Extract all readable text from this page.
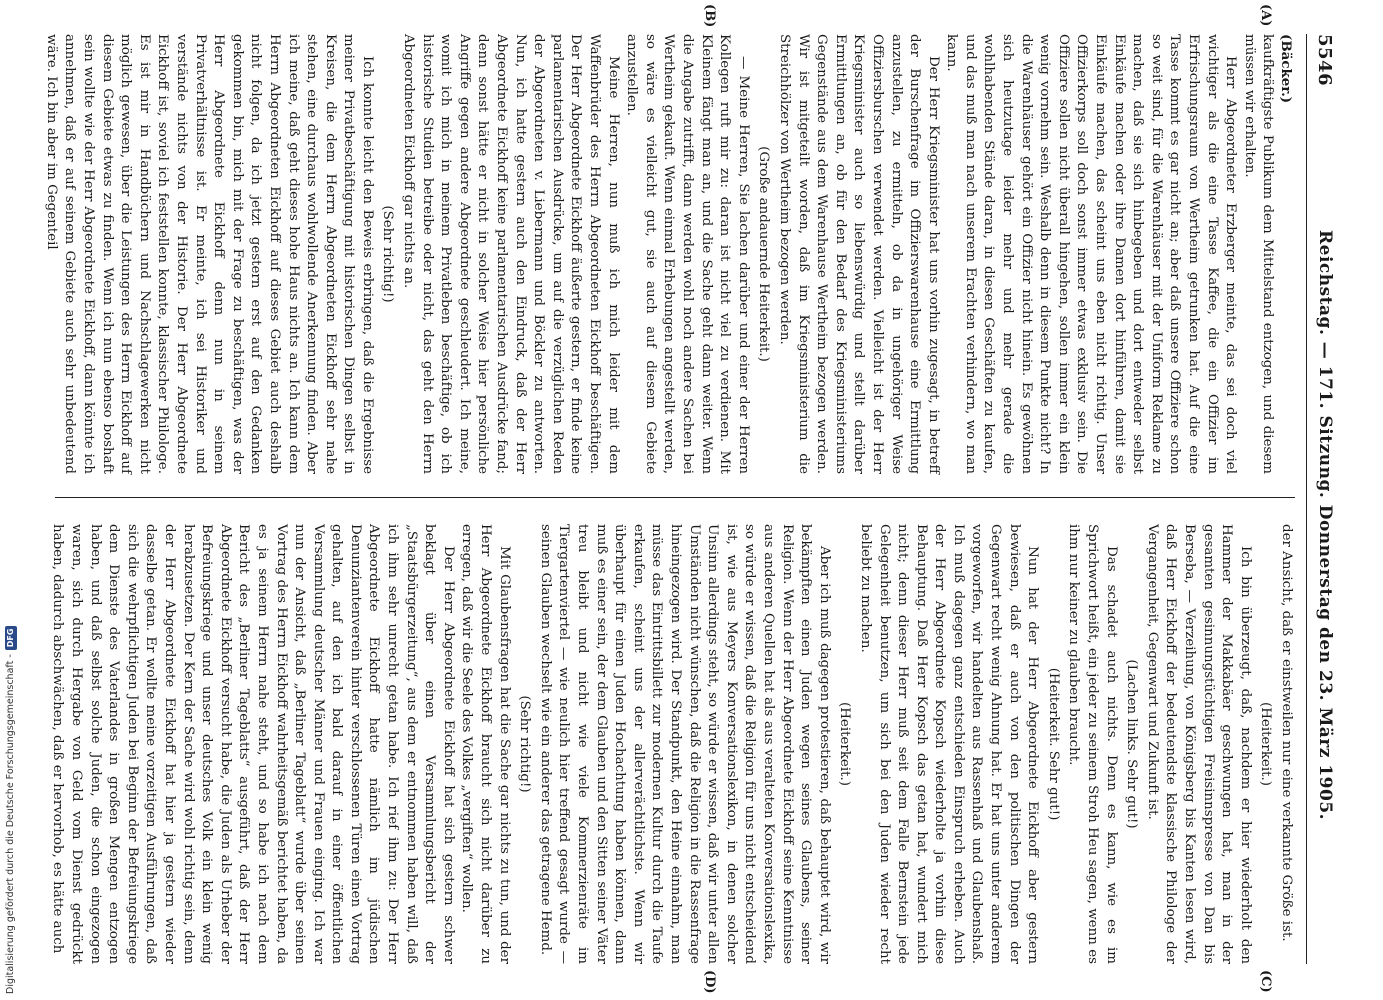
5546
Reichstag. — 171. Sitzung. Donnerstag den 23. März 1905.
(A)
(B)
(C)
(D)

(Bäcker.)

kaufkräftigste Publikum dem Mittelstand entzogen, und diesem müssen wir erhalten.

Herr Abgeordneter Erzberger meinte, das sei doch viel wichtiger als die eine Tasse Kaffee, die ein Offizier im Erfrischungsraum von Wertheim getrunken hat. Auf die eine Tasse kommt es gar nicht an; aber daß unsere Offiziere schon so weit sind, für die Warenhäuser mit der Uniform Reklame zu machen, daß sie sich hinbegeben und dort entweder selbst Einkäufe machen oder ihre Damen dort hinführen, damit sie Einkäufe machen, das scheint uns eben nicht richtig. Unser Offizierkorps soll doch sonst immer etwas exklusiv sein. Die Offiziere sollen nicht überall hingehen, sollen immer ein klein wenig vornehm sein. Weshalb denn in diesem Punkte nicht? In die Warenhäuser gehört ein Offizier nicht hinein. Es gewöhnen sich heutzutage leider mehr und mehr gerade die wohlhabenden Stände daran, in diesen Geschäften zu kaufen, und das muß man nach unserem Erachten verhindern, wo man kann.

Der Herr Kriegsminister hat uns vorhin zugesagt, in betreff der Burschenfrage im Offizierswarenhause eine Ermittlung anzustellen, zu ermitteln, ob da in ungehöriger Weise Offiziersburschen verwendet werden. Vielleicht ist der Herr Kriegsminister auch so liebenswürdig und stellt darüber Ermittlungen an, ob für den Bedarf des Kriegsministeriums Gegenstände aus dem Warenhause Wertheim bezogen werden. Wir ist mitgeteilt worden, daß im Kriegsministerium die Streichhölzer von Wertheim bezogen werden.

(Große andauernde Heiterkeit.)

— Meine Herren, Sie lachen darüber und einer der Herren Kollegen ruft mir zu: daran ist nicht viel zu verdienen. Mit Kleinem fängt man an, und die Sache geht dann weiter. Wenn die Angabe zutrifft, dann werden wohl noch andere Sachen bei Wertheim gekauft. Wenn einmal Erhebungen angestellt werden, so wäre es vielleicht gut, sie auch auf diesem Gebiete anzustellen.

Meine Herren, nun muß ich mich leider mit dem Waffenbrüder des Herrn Abgeordneten Eickhoff beschäftigen. Der Herr Abgeordnete Eickhoff äußerte gestern, er finde keine parlamentarischen Ausdrücke, um auf die verzüglichen Reden der Abgeordneten v. Liebermann und Böckler zu antworten. Nun, ich hatte gestern auch den Eindruck, daß der Herr Abgeordnete Eickhoff keine parlamentarischen Ausdrücke fand; denn sonst hätte er nicht in solcher Weise hier persönliche Angriffe gegen andere Abgeordnete geschleudert. Ich meine, womit ich mich in meinem Privatleben beschäftige, ob ich historische Studien betreibe oder nicht, das geht den Herrn Abgeordneten Eickhoff gar nichts an.

(Sehr richtig!)

Ich konnte leicht den Beweis erbringen, daß die Ergebnisse meiner Privatbeschäftigung mit historischen Dingen selbst in Kreisen, die dem Herrn Abgeordneten Eickhoff sehr nahe stehen, eine durchaus wohlwollende Anerkennung finden. Aber ich meine, daß geht dieses hohe Haus nichts an. Ich kann dem Herrn Abgeordneten Eickhoff auf dieses Gebiet auch deshalb nicht folgen, da ich jetzt gestern erst auf den Gedanken gekommen bin, mich mit der Frage zu beschäftigen, was der Herr Abgeordnete Eickhoff denn nun in seinem Privatverhältnisse ist. Er meinte, ich sei Historiker und verstände nichts von der Historie. Der Herr Abgeordnete Eickhoff ist, soviel ich feststellen konnte, klassischer Philologe. Es ist mir in Handbüchern und Nachschlagewerken nicht möglich gewesen, über die Leistungen des Herrn Eickhoff auf diesem Gebiete etwas zu finden. Wenn ich nun ebenso boshaft sein wollte wie der Herr Abgeordnete Eickhoff, dann könnte ich annehmen, daß er auf seinem Gebiete auch sehr unbedeutend wäre. Ich bin aber im Gegenteil

der Ansicht, daß er einstweilen nur eine verkannte Größe ist.

(Heiterkeit.)

Ich bin überzeugt, daß, nachdem er hier wiederholt den Hammer der Makkabäer geschwungen hat, man in der gesamten gesinnungstüchtigen Freisinnspresse von Dan bis Berseba, — Verzeihung, von Königsberg bis Kanten lesen wird, daß Herr Eickhoff der bedeutendste klassische Philologe der Vergangenheit, Gegenwart und Zukunft ist.

(Lachen links. Sehr gut!)

Das schadet auch nichts. Denn es kann, wie es im Sprichwort heißt, ein jeder zu seinem Stroh Heu sagen, wenn es ihm nur keiner zu glauben braucht.

(Heiterkeit. Sehr gut!)

Nun hat der Herr Abgeordnete Eickhoff aber gestern bewiesen, daß er auch von den politischen Dingen der Gegenwart recht wenig Ahnung hat. Er hat uns unter anderem vorgeworfen, wir handelten aus Rassenhaß und Glaubenshaß. Ich muß dagegen ganz entschieden Einspruch erheben. Auch der Herr Abgeordnete Kopsch wiederholte ja vorhin diese Behauptung. Daß Herr Kopsch das getan hat, wundert mich nicht; denn dieser Herr muß seit dem Falle Bernstein jede Gelegenheit benutzen, um sich bei den Juden wieder recht beliebt zu machen.

(Heiterkeit.)

Aber ich muß dagegen protestieren, daß behauptet wird, wir bekämpften einen Juden wegen seines Glaubens, seiner Religion. Wenn der Herr Abgeordnete Eickhoff seine Kenntnisse aus anderen Quellen hat als aus veralteten Konversationslexika, so würde er wissen, daß die Religion für uns nicht entscheidend ist, wie aus Meyers Konversationslexikon, in denen solcher Unsinn allerdings steht, so würde er wissen, daß wir unter allen Umständen nicht wünschen, daß die Religion in die Rassenfrage hineingezogen wird. Der Standpunkt, den Heine einnahm, man müsse das Eintrittsbillett zur modernen Kultur durch die Taufe erkaufen, scheint uns der allerverächtlichste. Wenn wir überhaupt für einen Juden Hochachtung haben können, dann muß es einer sein, der dem Glauben und den Sitten seiner Väter treu bleibt und nicht wie viele Kommerzienräte im Tiergartenviertel — wie neulich hier treffend gesagt wurde — seinen Glauben wechselt wie ein anderer das getragene Hemd.

(Sehr richtig!)

Mit Glaubensfragen hat die Sache gar nichts zu tun, und der Herr Abgeordnete Eickhoff braucht sich nicht darüber zu erregen, daß wir die Seele des Volkes „vergiften“ wollen.

Der Herr Abgeordnete Eickhoff hat sich gestern schwer beklagt über einen Versammlungsbericht der „Staatsbürgerzeitung“, aus dem er entnommen haben will, daß ich ihm sehr unrecht getan habe. Ich rief ihm zu: Der Herr Abgeordnete Eickhoff hatte nämlich im jüdischen Denunziantenverein hinter verschlossenen Türen einen Vortrag gehalten, auf den ich bald darauf in einer öffentlichen Versammlung deutscher Männer und Frauen einging. Ich war nun der Ansicht, daß „Berliner Tageblatt“ wurde über seinen Vortrag des Herrn Eickhoff wahrheitsgemäß berichtet haben, da es ja seinem Herrn nahe steht, und so habe ich nach dem Bericht des „Berliner Tageblatts“ ausgeführt, daß der Herr Abgeordnete Eickhoff versucht habe, die Juden als Urheber der Befreiungskriege und unser deutsches Volk ein klein wenig herabzusetzen. Der Kern der Sache wird wohl richtig sein, denn der Herr Abgeordnete Eickhoff hat hier ja gestern wieder dasselbe getan. Er wollte meine vorzeitigen Ausführungen, daß sich die wehrpflichtigen Juden bei Beginn der Befreiungskriege dem Dienste des Vaterlandes in großen Mengen entzogen haben, und daß selbst solche Juden, die schon eingezogen waren, sich durch Hergabe von Geld vom Dienst gedrückt haben, dadurch abschwächen, daß er hervorhob, es hätte auch

Digitalisierung gefördert durch die Deutsche Forschungsgemeinschaft -
DFG
